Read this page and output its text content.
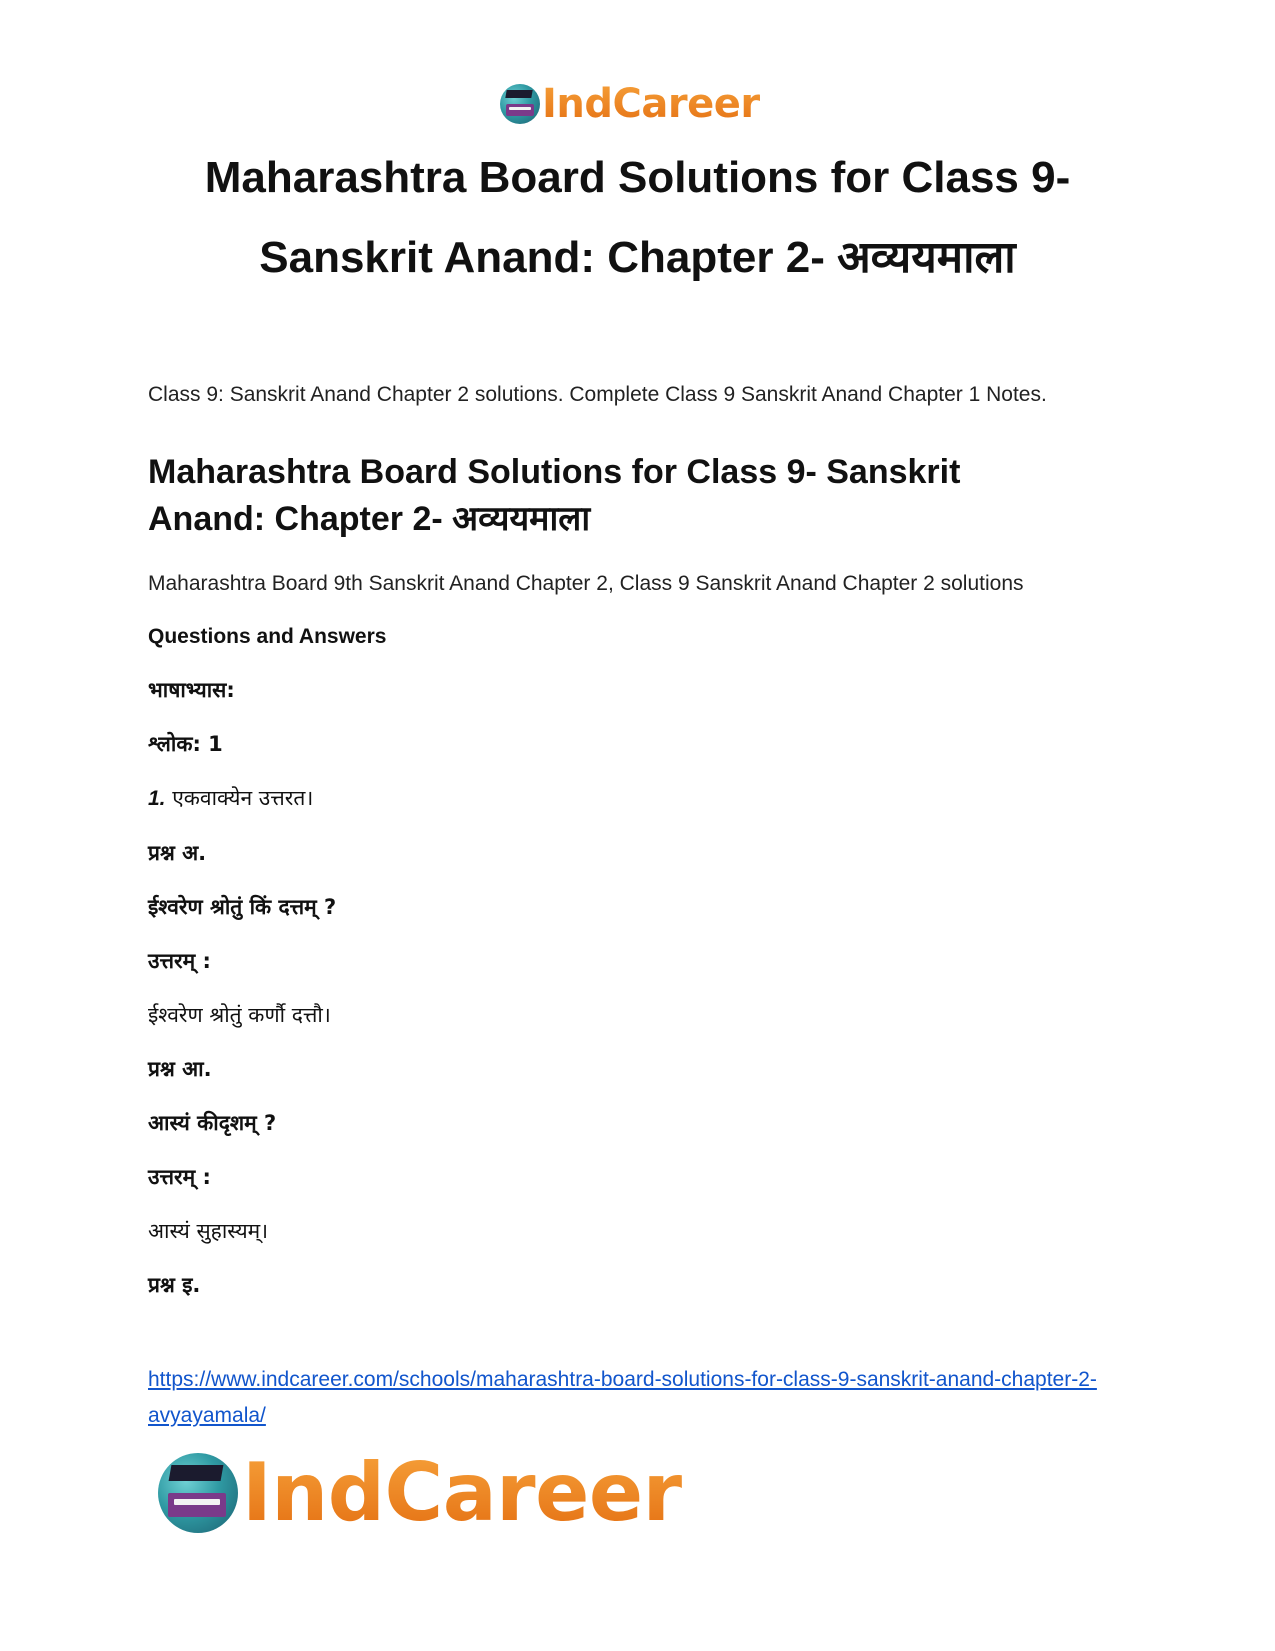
IndCareer
Maharashtra Board Solutions for Class 9-
Sanskrit Anand: Chapter 2- अव्ययमाला

Class 9: Sanskrit Anand Chapter 2 solutions. Complete Class 9 Sanskrit Anand Chapter 1 Notes.

Maharashtra Board Solutions for Class 9- Sanskrit Anand: Chapter 2- अव्ययमाला

Maharashtra Board 9th Sanskrit Anand Chapter 2, Class 9 Sanskrit Anand Chapter 2 solutions

Questions and Answers

भाषाभ्यास:

श्लोक: 1

1. एकवाक्येन उत्तरत।

प्रश्न अ.

ईश्वरेण श्रोतुं किं दत्तम् ?

उत्तरम् :

ईश्वरेण श्रोतुं कर्णौ दत्तौ।

प्रश्न आ.

आस्यं कीदृशम् ?

उत्तरम् :

आस्यं सुहास्यम्।

प्रश्न इ.

https://www.indcareer.com/schools/maharashtra-board-solutions-for-class-9-sanskrit-anand-chapter-2-avyayamala/
IndCareer
